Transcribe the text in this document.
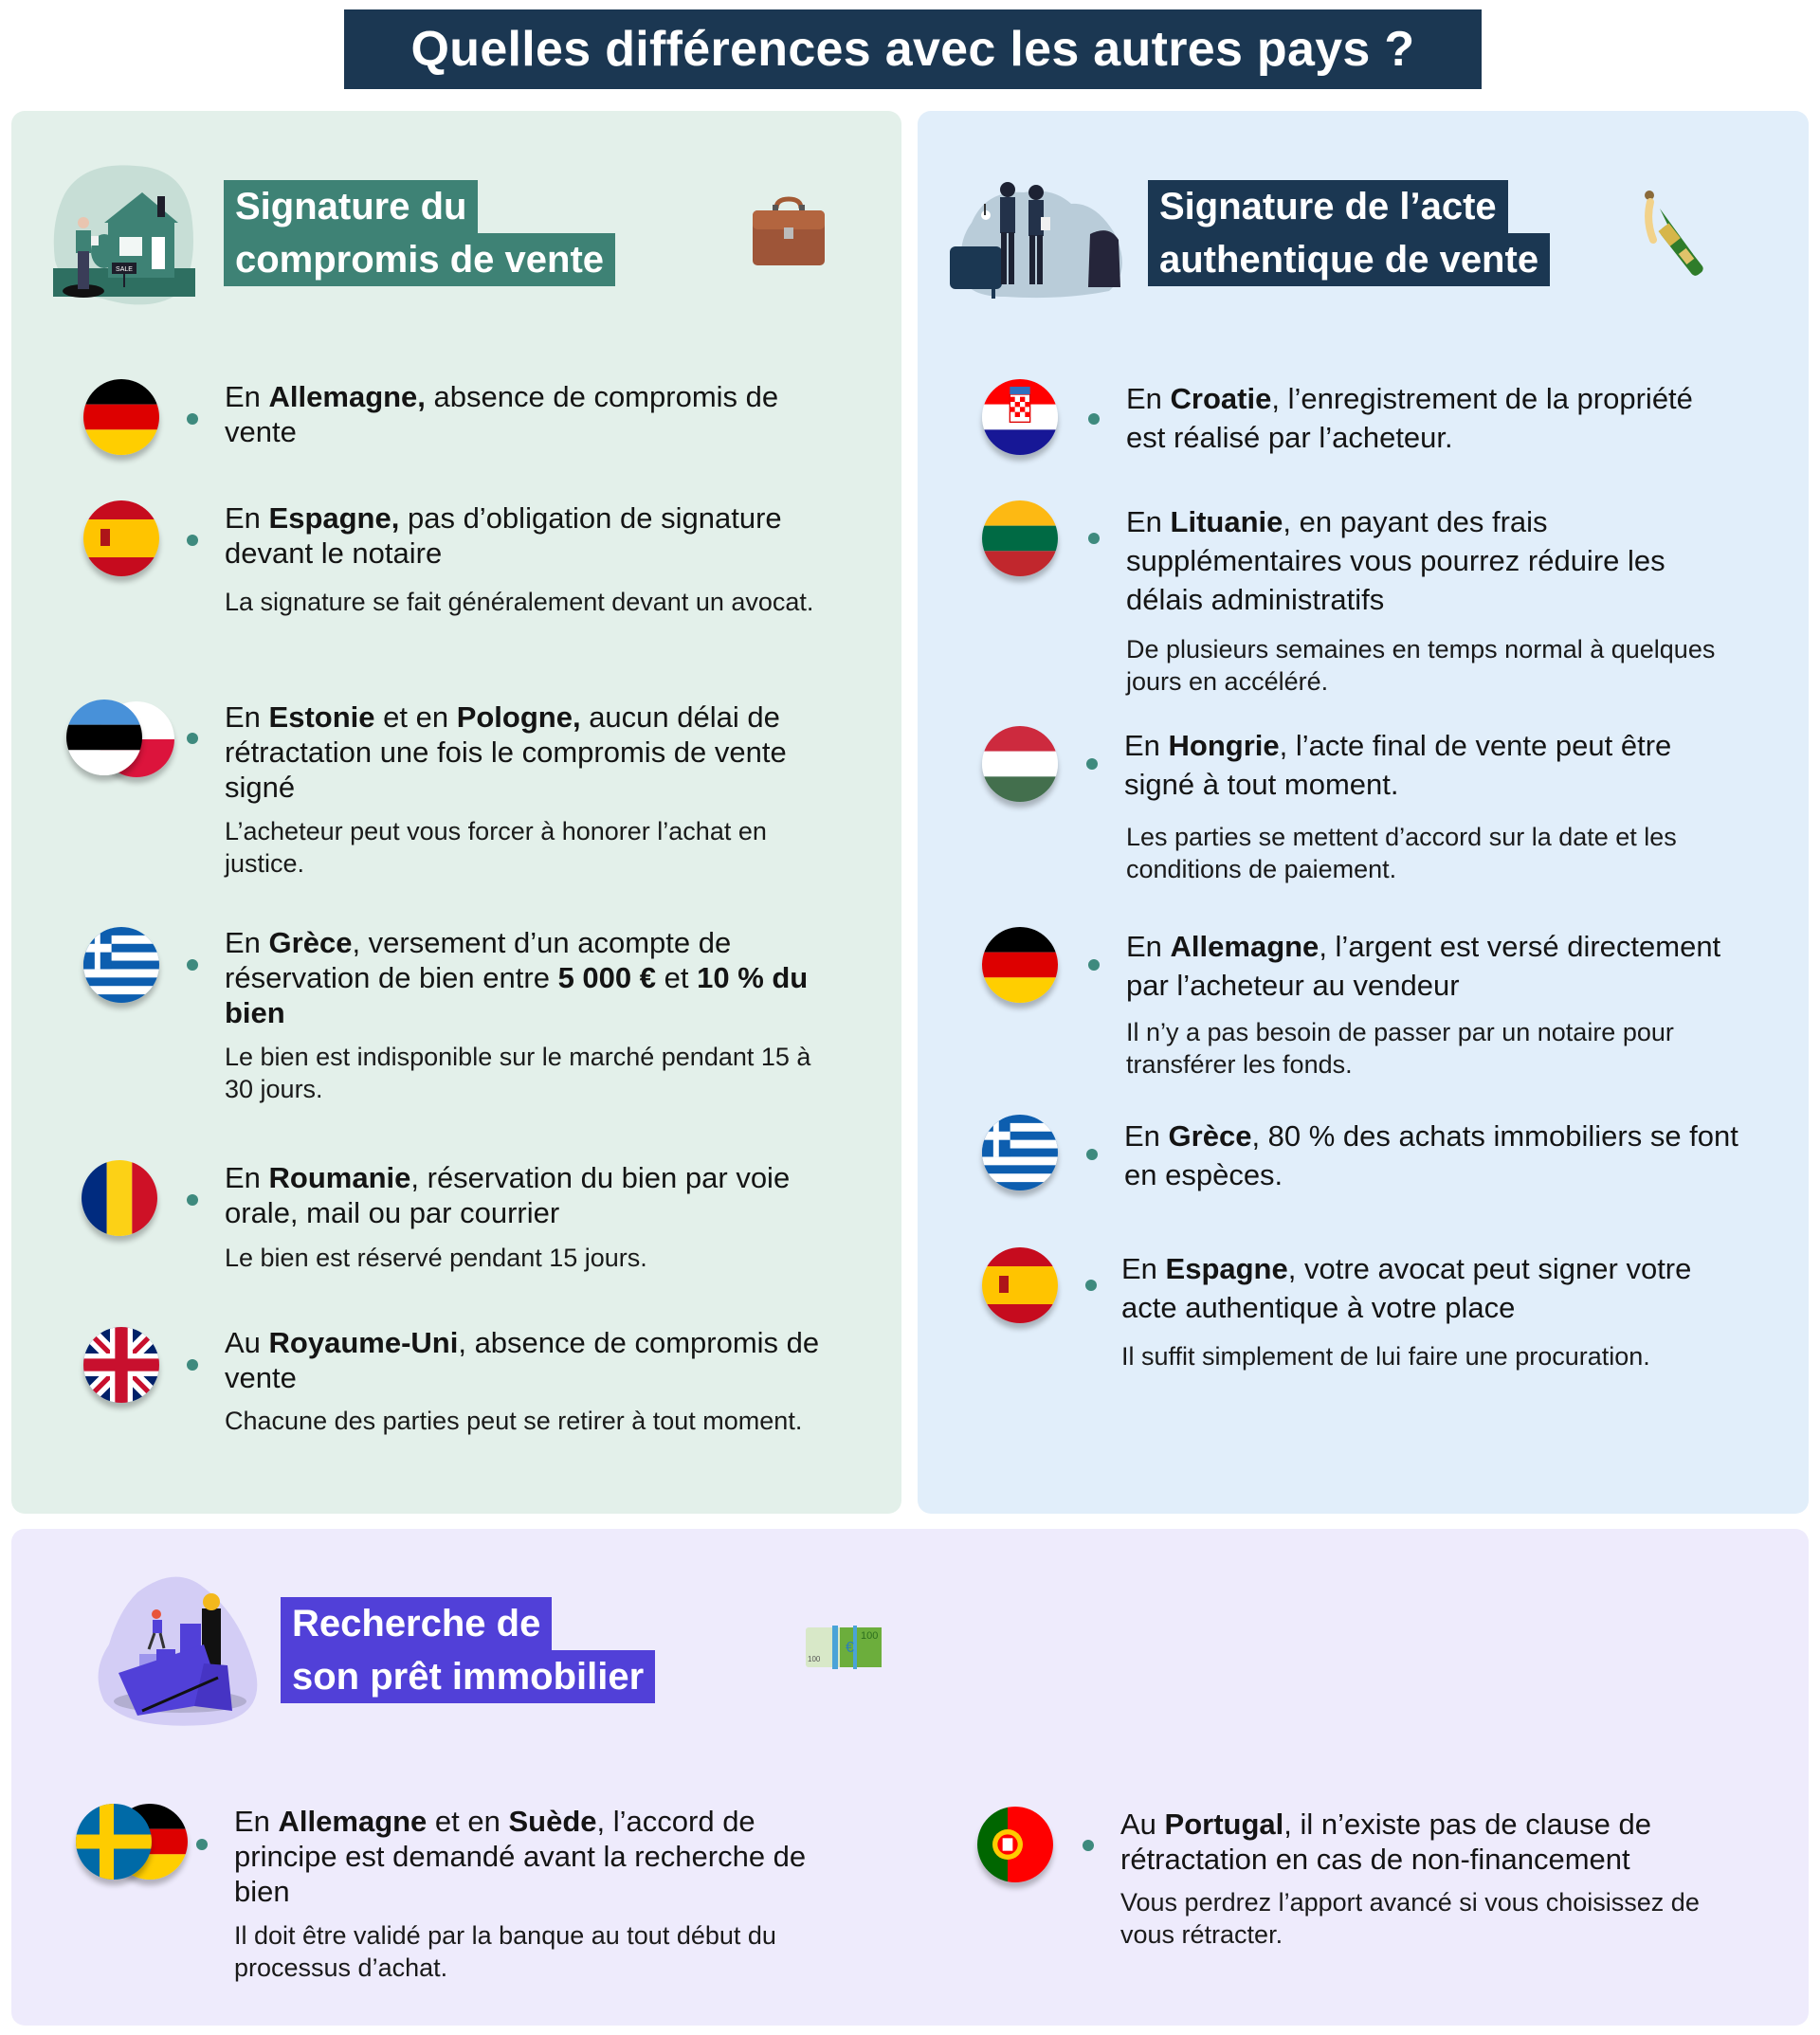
Quelles différences avec les autres pays ?
SALE
Signature du
compromis de vente
En Allemagne, absence de compromis de vente
En Espagne, pas d’obligation de signature devant le notaire
La signature se fait généralement devant un avocat.
En Estonie et en Pologne, aucun délai de rétractation une fois le compromis de vente signé
L’acheteur peut vous forcer à honorer l’achat en justice.
En Grèce, versement d’un acompte de réservation de bien entre 5 000 € et 10 % du bien
Le bien est indisponible sur le marché pendant 15 à 30 jours.
En Roumanie, réservation du bien par voie orale, mail ou par courrier
Le bien est réservé pendant 15 jours.
Au Royaume-Uni, absence de compromis de vente
Chacune des parties peut se retirer à tout moment.
Signature de l’acte
authentique de vente
En Croatie, l’enregistrement de la propriété est réalisé par l’acheteur.
En Lituanie, en payant des frais supplémentaires vous pourrez réduire les délais administratifs
De plusieurs semaines en temps normal à quelques jours en accéléré.
En Hongrie, l’acte final de vente peut être signé à tout moment.
Les parties se mettent d’accord sur la date et les conditions de paiement.
En Allemagne, l’argent est versé directement par l’acheteur au vendeur
Il n’y a pas besoin de passer par un notaire pour transférer les fonds.
En Grèce, 80 % des achats immobiliers se font en espèces.
En Espagne, votre avocat peut signer votre acte authentique à votre place
Il suffit simplement de lui faire une procuration.
Recherche de
son prêt immobilier
€
100
100
En Allemagne et en Suède, l’accord de principe est demandé avant la recherche de bien
Il doit être validé par la banque au tout début du processus d’achat.
Au Portugal, il n’existe pas de clause de rétractation en cas de non-financement
Vous perdrez l’apport avancé si vous choisissez de vous rétracter.
